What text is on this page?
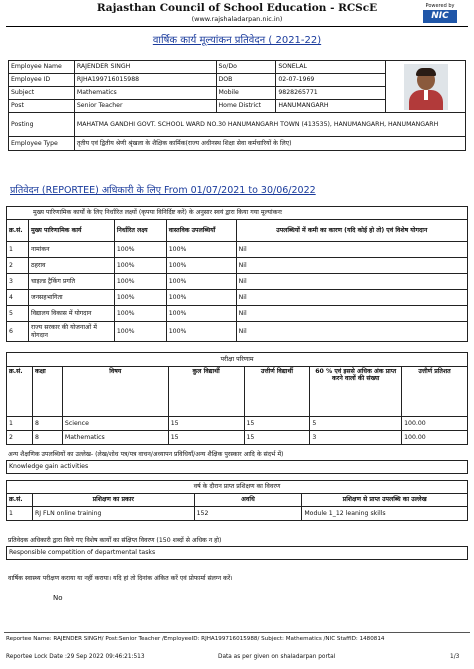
Rajasthan Council of School Education - RCScE
(www.rajshaladarpan.nic.in)
Powered by
NIC
वार्षिक कार्य मूल्यांकन प्रतिवेदन ( 2021-22)
Employee Name	RAJENDER SINGH	So/Do	SONELAL	

Employee ID	RJHA199716015988	DOB	02-07-1969	
Subject	Mathematics	Mobile	9828265771	
Post	Senior Teacher	Home District	HANUMANGARH	
Posting	MAHATMA GANDHI GOVT. SCHOOL WARD NO.30 HANUMANGARH TOWN (413535), HANUMANGARH, HANUMANGARH			
Employee Type	तृतीय एवं द्वितीय श्रेणी श्रृंखला के शैक्षिक कार्मिक(राज्य अधीनस्थ शिक्षा सेवा कर्मचारियों के लिए)			
प्रतिवेदन (REPORTEE) अधिकारी के लिए From 01/07/2021 to 30/06/2022
मुख्य पारिणामिक कार्यों के लिए निर्धारित लक्ष्यों (कृपया विनिर्दिष्ट करें) के अनुसार स्वयं द्वारा किया गया मूल्यांकनः				
क्र.सं.	मुख्य पारिणामिक कार्य	निर्धारित लक्ष्य	वास्तविक उपलब्धियाँ	उपलब्धियों में कमी का कारण (यदि कोई हो तो) एवं विशेष योगदान
1	नामांकन	100%	100%	Nil
2	ठहराव	100%	100%	Nil
3	चाइल्ड ट्रैकिंग प्रगति	100%	100%	Nil
4	जनसहभागिता	100%	100%	Nil
5	विद्यालय विकास में योगदान	100%	100%	Nil
6	राज्य सरकार की योजनाओं में योगदान	100%	100%	Nil
परीक्षा परिणाम						
क्र.सं.	कक्षा	विषय	कुल विद्यार्थी	उत्तीर्ण विद्यार्थी	60 % एवं इससे अधिक अंक प्राप्त करने वालों की संख्या	उत्तीर्ण प्रतिशत
1	8	Science	15	15	5	100.00
2	8	Mathematics	15	15	3	100.00
अन्य शैक्षणिक उपलब्धियों का उल्लेख- (लेख/शोध पत्र/पत्र वाचन/अध्यापन प्रविधियाँ/अन्य शैक्षिक पुरस्कार आदि के संदर्भ में)
Knowledge gain activities
वर्ष के दौरान प्राप्त प्रशिक्षण का विवरण			
क्र.सं.	प्रशिक्षण का प्रकार	अवधि	प्रशिक्षण से प्राप्त उपलब्धि का उल्लेख
1	RJ FLN online training	152	Module 1_12 leaning skills
प्रतिवेदक अधिकारी द्वारा किये गए विशेष कार्यों का संक्षिप्त विवरण (150 शब्दों से अधिक न हो)
Responsible competition of departmental tasks
वार्षिक स्वास्थ्य परीक्षण कराया या नहीं कराया। यदि हां तो दिनांक अंकित करें एवं प्रोफार्मा संलग्न करें।
No
Reportee Name: RAJENDER SINGH/ Post:Senior Teacher /EmployeeID: RJHA199716015988/ Subject: Mathematics /NIC StaffID: 1480814
Reportee Lock Date :29 Sep 2022 09:46:21:513	Data as per given on shaladarpan portal	1/3
